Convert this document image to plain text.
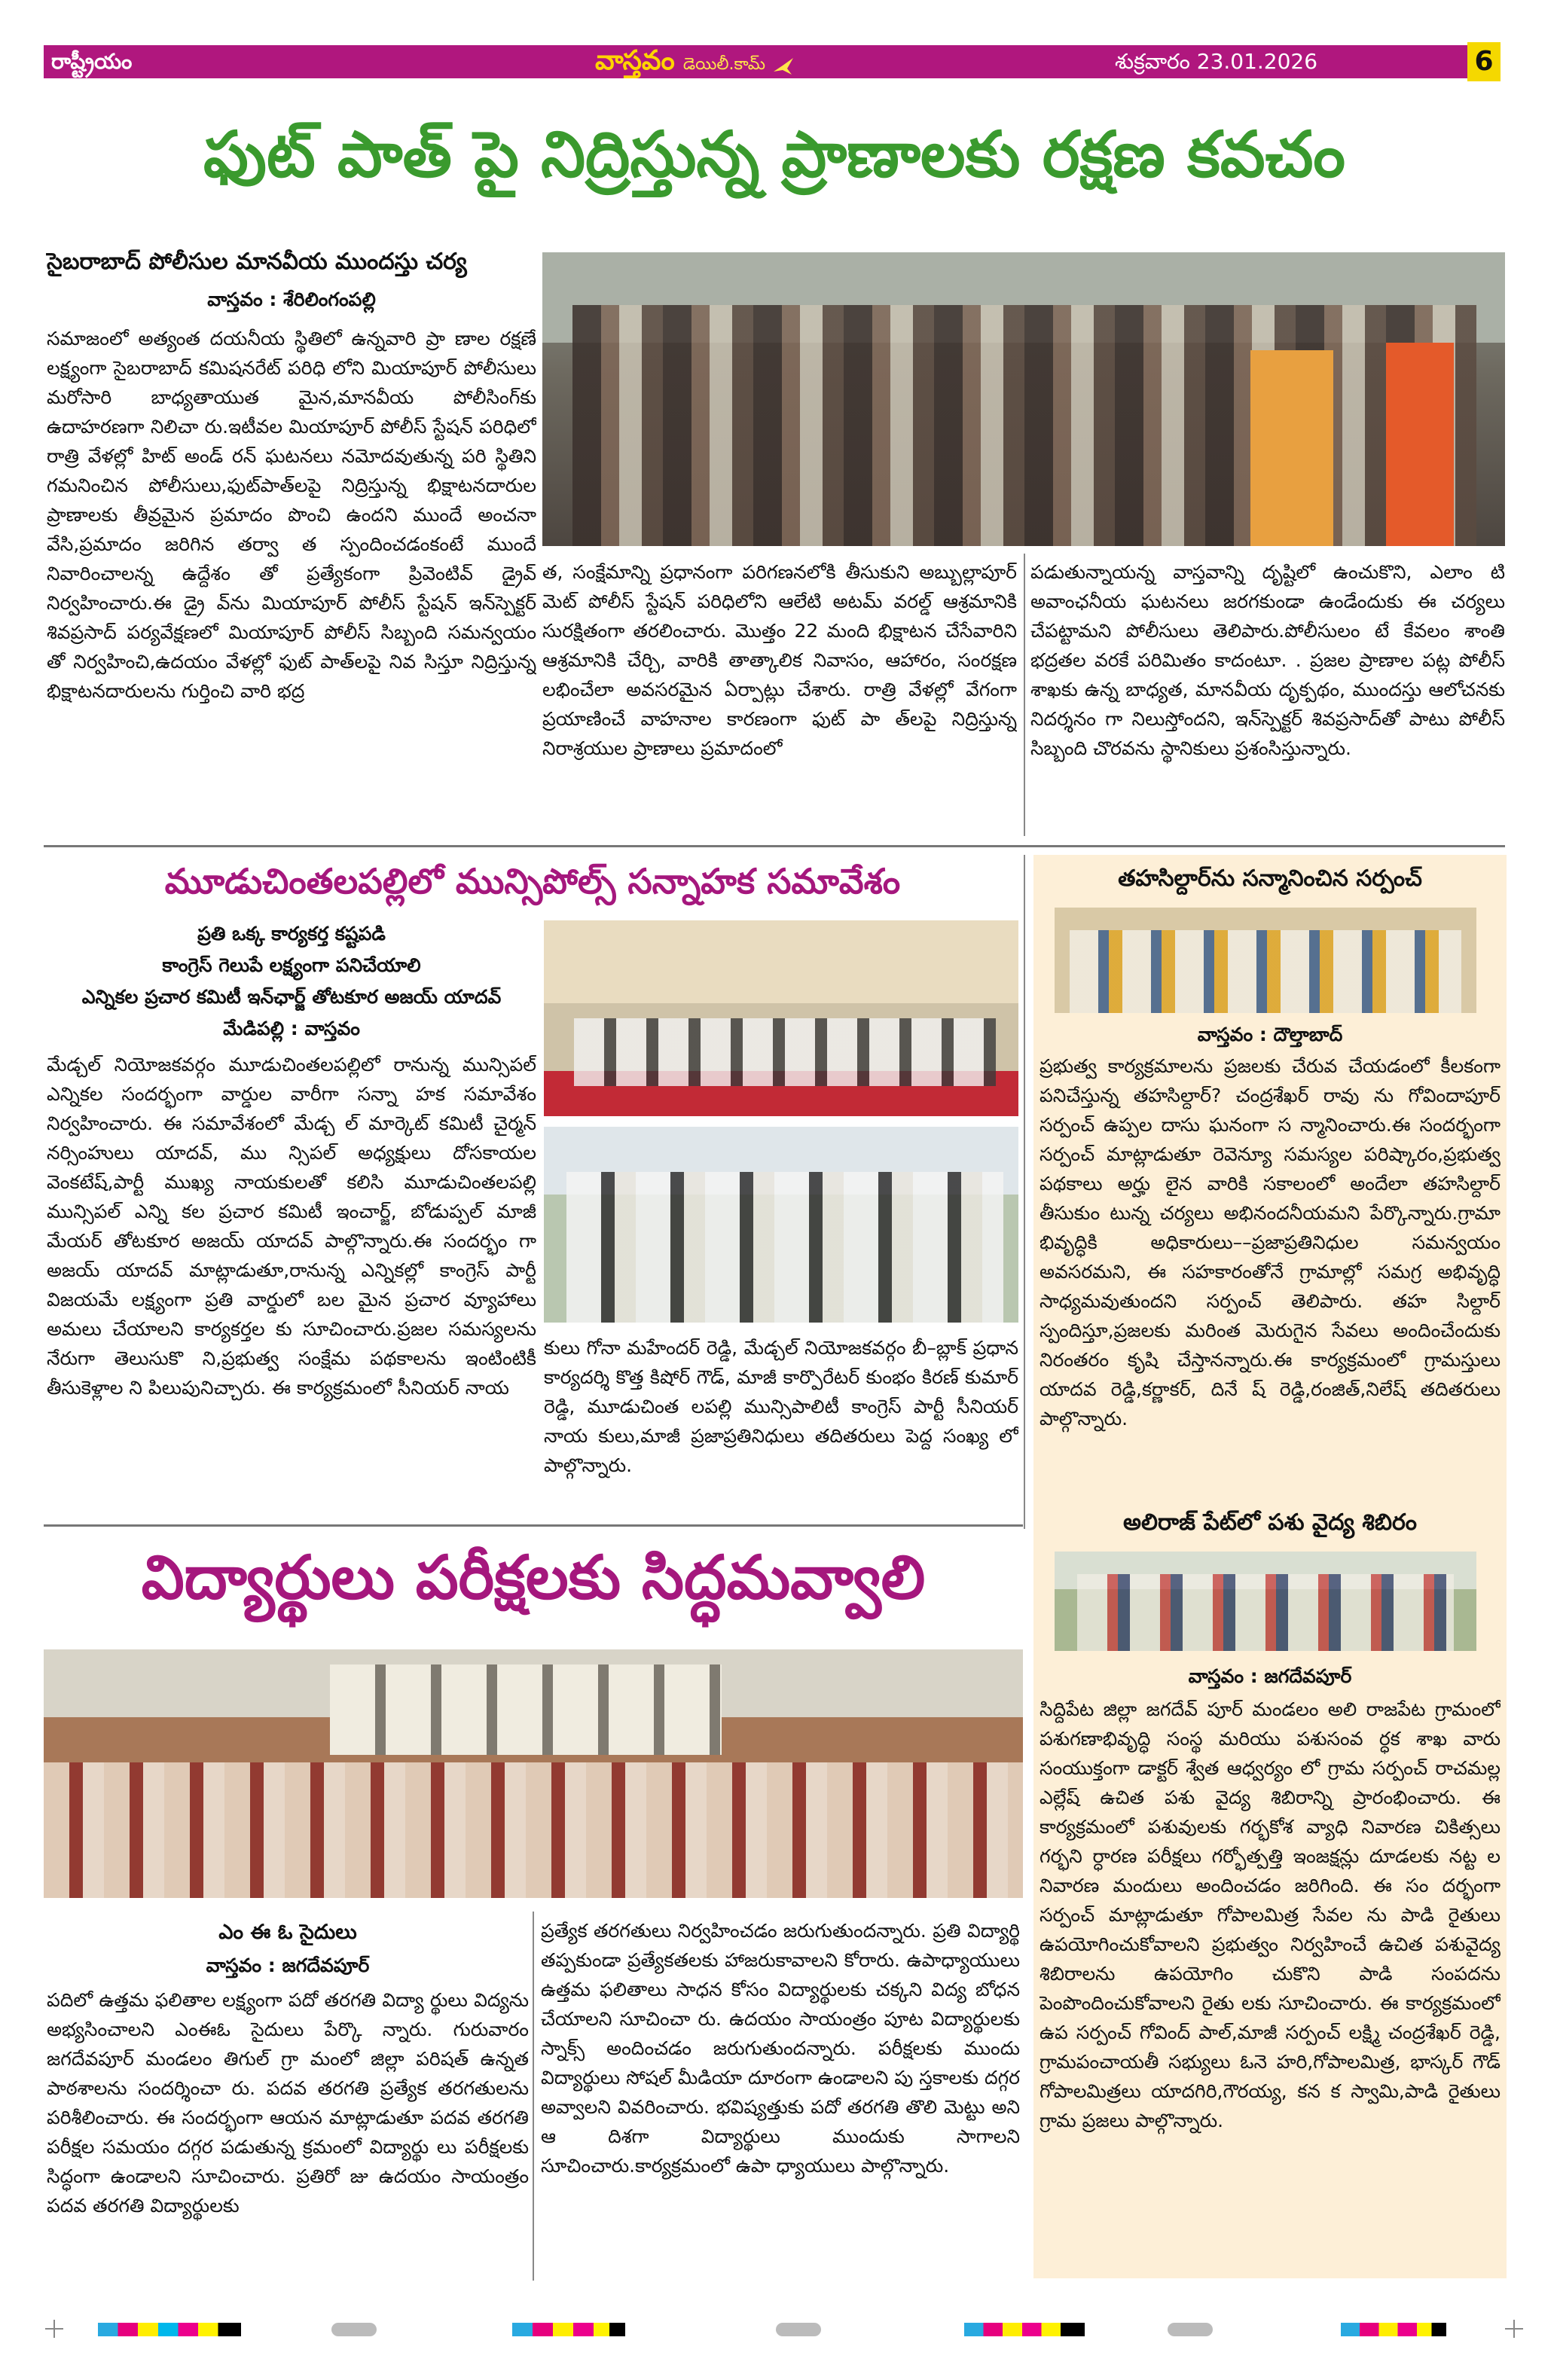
రాష్ట్రీయం	వాస్తవం డెయిలీ.కామ్	శుక్రవారం 23.01.2026	6
ఫుట్ పాత్ పై నిద్రిస్తున్న ప్రాణాలకు రక్షణ కవచం
సైబరాబాద్ పోలీసుల మానవీయ ముందస్తు చర్య
వాస్తవం : శేరిలింగంపల్లి
సమాజంలో అత్యంత దయనీయ స్థితిలో ఉన్నవారి ప్రా ణాల రక్షణే లక్ష్యంగా సైబరాబాద్ కమిషనరేట్ పరిధి లోని మియాపూర్ పోలీసులు మరోసారి బాధ్యతాయుత మైన,మానవీయ పోలీసింగ్‌కు ఉదాహరణగా నిలిచా రు.ఇటీవల మియాపూర్ పోలీస్ స్టేషన్ పరిధిలో రాత్రి వేళల్లో హిట్ అండ్ రన్ ఘటనలు నమోదవుతున్న పరి స్థితిని గమనించిన పోలీసులు,ఫుట్‌పాత్‌లపై నిద్రిస్తున్న భిక్షాటనదారుల ప్రాణాలకు తీవ్రమైన ప్రమాదం పొంచి ఉందని ముందే అంచనా వేసి,ప్రమాదం జరిగిన తర్వా త స్పందించడంకంటే ముందే నివారించాలన్న ఉద్దేశం తో ప్రత్యేకంగా ప్రివెంటివ్ డ్రైవ్ నిర్వహించారు.ఈ డ్రై వ్‌ను మియాపూర్ పోలీస్ స్టేషన్ ఇన్‌స్పెక్టర్ శివప్రసాద్ పర్యవేక్షణలో మియాపూర్ పోలీస్ సిబ్బంది సమన్వయం తో నిర్వహించి,ఉదయం వేళల్లో ఫుట్ పాత్‌లపై నివ సిస్తూ నిద్రిస్తున్న భిక్షాటనదారులను గుర్తించి వారి భద్ర
త, సంక్షేమాన్ని ప్రధానంగా పరిగణనలోకి తీసుకుని అబ్బుల్లాపూర్ మెట్ పోలీస్ స్టేషన్ పరిధిలోని ఆలేటి అటమ్ వరల్డ్ ఆశ్రమానికి సురక్షితంగా తరలించారు. మొత్తం 22 మంది భిక్షాటన చేసేవారిని ఆశ్రమానికి చేర్చి, వారికి తాత్కాలిక నివాసం, ఆహారం, సంరక్షణ లభించేలా అవసరమైన ఏర్పాట్లు చేశారు. రాత్రి వేళల్లో వేగంగా ప్రయాణించే వాహనాల కారణంగా ఫుట్ పా త్‌లపై నిద్రిస్తున్న నిరాశ్రయుల ప్రాణాలు ప్రమాదంలో
పడుతున్నాయన్న వాస్తవాన్ని దృష్టిలో ఉంచుకొని, ఎలాం టి అవాంఛనీయ ఘటనలు జరగకుండా ఉండేందుకు ఈ చర్యలు చేపట్టామని పోలీసులు తెలిపారు.పోలీసులం టే కేవలం శాంతి భద్రతల వరకే పరిమితం కాదంటూ. . ప్రజల ప్రాణాల పట్ల పోలీస్ శాఖకు ఉన్న బాధ్యత, మానవీయ దృక్పథం, ముందస్తు ఆలోచనకు నిదర్శనం గా నిలుస్తోందని, ఇన్‌స్పెక్టర్ శివప్రసాద్‌తో పాటు పోలీస్ సిబ్బంది చొరవను స్థానికులు ప్రశంసిస్తున్నారు.
మూడుచింతలపల్లిలో మున్సిపోల్స్ సన్నాహక సమావేశం
ప్రతి ఒక్క కార్యకర్త కష్టపడి
కాంగ్రెస్ గెలుపే లక్ష్యంగా పనిచేయాలి
ఎన్నికల ప్రచార కమిటీ ఇన్‌ఛార్జ్ తోటకూర అజయ్ యాదవ్
మేడిపల్లి : వాస్తవం
మేడ్చల్ నియోజకవర్గం మూడుచింతలపల్లిలో రానున్న మున్సిపల్ ఎన్నికల సందర్భంగా వార్డుల వారీగా సన్నా హక సమావేశం నిర్వహించారు. ఈ సమావేశంలో మేడ్చ ల్ మార్కెట్ కమిటీ చైర్మన్ నర్సింహులు యాదవ్, ము న్సిపల్ అధ్యక్షులు దోసకాయల వెంకటేష్,పార్టీ ముఖ్య నాయకులతో కలిసి మూడుచింతలపల్లి మున్సిపల్ ఎన్ని కల ప్రచార కమిటీ ఇంచార్జ్, బోడుప్పల్ మాజీ మేయర్ తోటకూర అజయ్ యాదవ్ పాల్గొన్నారు.ఈ సందర్భం గా అజయ్ యాదవ్ మాట్లాడుతూ,రానున్న ఎన్నికల్లో కాంగ్రెస్ పార్టీ విజయమే లక్ష్యంగా ప్రతి వార్డులో బల మైన ప్రచార వ్యూహాలు అమలు చేయాలని కార్యకర్తల కు సూచించారు.ప్రజల సమస్యలను నేరుగా తెలుసుకొ ని,ప్రభుత్వ సంక్షేమ పథకాలను ఇంటింటికీ తీసుకెళ్లాల ని పిలుపునిచ్చారు. ఈ కార్యక్రమంలో సీనియర్ నాయ
కులు గోనా మహేందర్ రెడ్డి, మేడ్చల్ నియోజకవర్గం బీ–బ్లాక్ ప్రధాన కార్యదర్శి కొత్త కిషోర్ గౌడ్, మాజీ కార్పొరేటర్ కుంభం కిరణ్ కుమార్ రెడ్డి, మూడుచింత లపల్లి మున్సిపాలిటీ కాంగ్రెస్ పార్టీ సీనియర్ నాయ కులు,మాజీ ప్రజాప్రతినిధులు తదితరులు పెద్ద సంఖ్య లో పాల్గొన్నారు.
విద్యార్థులు పరీక్షలకు సిద్ధమవ్వాలి
ఎం ఈ ఓ సైదులు
వాస్తవం : జగదేవపూర్
పదిలో ఉత్తమ ఫలితాల లక్ష్యంగా పదో తరగతి విద్యా ర్థులు విద్యను అభ్యసించాలని ఎంఈఓ సైదులు పేర్కొ న్నారు. గురువారం జగదేవపూర్ మండలం తిగుల్ గ్రా మంలో జిల్లా పరిషత్ ఉన్నత పాఠశాలను సందర్శించా రు. పదవ తరగతి ప్రత్యేక తరగతులను పరిశీలించారు. ఈ సందర్భంగా ఆయన మాట్లాడుతూ పదవ తరగతి పరీక్షల సమయం దగ్గర పడుతున్న క్రమంలో విద్యార్థు లు పరీక్షలకు సిద్ధంగా ఉండాలని సూచించారు. ప్రతిరో జు ఉదయం సాయంత్రం పదవ తరగతి విద్యార్థులకు
ప్రత్యేక తరగతులు నిర్వహించడం జరుగుతుందన్నారు. ప్రతి విద్యార్థి తప్పకుండా ప్రత్యేకతలకు హాజరుకావాలని కోరారు. ఉపాధ్యాయులు ఉత్తమ ఫలితాలు సాధన కోసం విద్యార్థులకు చక్కని విద్య బోధన చేయాలని సూచించా రు. ఉదయం సాయంత్రం పూట విద్యార్థులకు స్నాక్స్ అందించడం జరుగుతుందన్నారు. పరీక్షలకు ముందు విద్యార్థులు సోషల్ మీడియా దూరంగా ఉండాలని పు స్తకాలకు దగ్గర అవ్వాలని వివరించారు. భవిష్యత్తుకు పదో తరగతి తొలి మెట్టు అని ఆ దిశగా విద్యార్థులు ముందుకు సాగాలని సూచించారు.కార్యక్రమంలో ఉపా ధ్యాయులు పాల్గొన్నారు.
తహసిల్దార్‌ను సన్మానించిన సర్పంచ్
వాస్తవం : దౌల్తాబాద్
ప్రభుత్వ కార్యక్రమాలను ప్రజలకు చేరువ చేయడంలో కీలకంగా పనిచేస్తున్న తహసిల్దార్? చంద్రశేఖర్ రావు ను గోవిందాపూర్ సర్పంచ్ ఉప్పల దాసు ఘనంగా స న్మానించారు.ఈ సందర్భంగా సర్పంచ్ మాట్లాడుతూ రెవెన్యూ సమస్యల పరిష్కారం,ప్రభుత్వ పథకాలు అర్హు లైన వారికి సకాలంలో అందేలా తహసిల్దార్ తీసుకుం టున్న చర్యలు అభినందనీయమని పేర్కొన్నారు.గ్రామా భివృద్ధికి అధికారులు––ప్రజాప్రతినిధుల సమన్వయం అవసరమని, ఈ సహకారంతోనే గ్రామాల్లో సమగ్ర అభివృద్ధి సాధ్యమవుతుందని సర్పంచ్ తెలిపారు. తహ సిల్దార్ స్పందిస్తూ,ప్రజలకు మరింత మెరుగైన సేవలు అందించేందుకు నిరంతరం కృషి చేస్తానన్నారు.ఈ కార్యక్రమంలో గ్రామస్తులు యాదవ రెడ్డి,కర్ణాకర్, దినే ష్ రెడ్డి,రంజిత్,నిలేష్ తదితరులు పాల్గొన్నారు.
అలిరాజ్ పేట్‌లో పశు వైద్య శిబిరం
వాస్తవం : జగదేవపూర్
సిద్దిపేట జిల్లా జగదేవ్ పూర్ మండలం అలి రాజపేట గ్రామంలో పశుగణాభివృద్ధి సంస్థ మరియు పశుసంవ ర్ధక శాఖ వారు సంయుక్తంగా డాక్టర్ శ్వేత ఆధ్వర్యం లో గ్రామ సర్పంచ్ రాచమల్ల ఎల్లేష్ ఉచిత పశు వైద్య శిబిరాన్ని ప్రారంభించారు. ఈ కార్యక్రమంలో పశువులకు గర్భకోశ వ్యాధి నివారణ చికిత్సలు గర్భని ర్ధారణ పరీక్షలు గర్భోత్పత్తి ఇంజక్షన్లు దూడలకు నట్ట ల నివారణ మందులు అందించడం జరిగింది. ఈ సం దర్భంగా సర్పంచ్ మాట్లాడుతూ గోపాలమిత్ర సేవల ను పాడి రైతులు ఉపయోగించుకోవాలని ప్రభుత్వం నిర్వహించే ఉచిత పశువైద్య శిబిరాలను ఉపయోగిం చుకొని పాడి సంపదను పెంపొందించుకోవాలని రైతు లకు సూచించారు. ఈ కార్యక్రమంలో ఉప సర్పంచ్ గోవింద్ పాల్,మాజీ సర్పంచ్ లక్ష్మి చంద్రశేఖర్ రెడ్డి, గ్రామపంచాయతీ సభ్యులు ఓనె హరి,గోపాలమిత్ర, భాస్కర్ గౌడ్ గోపాలమిత్రలు యాదగిరి,గౌరయ్య, కన క స్వామి,పాడి రైతులు గ్రామ ప్రజలు పాల్గొన్నారు.
